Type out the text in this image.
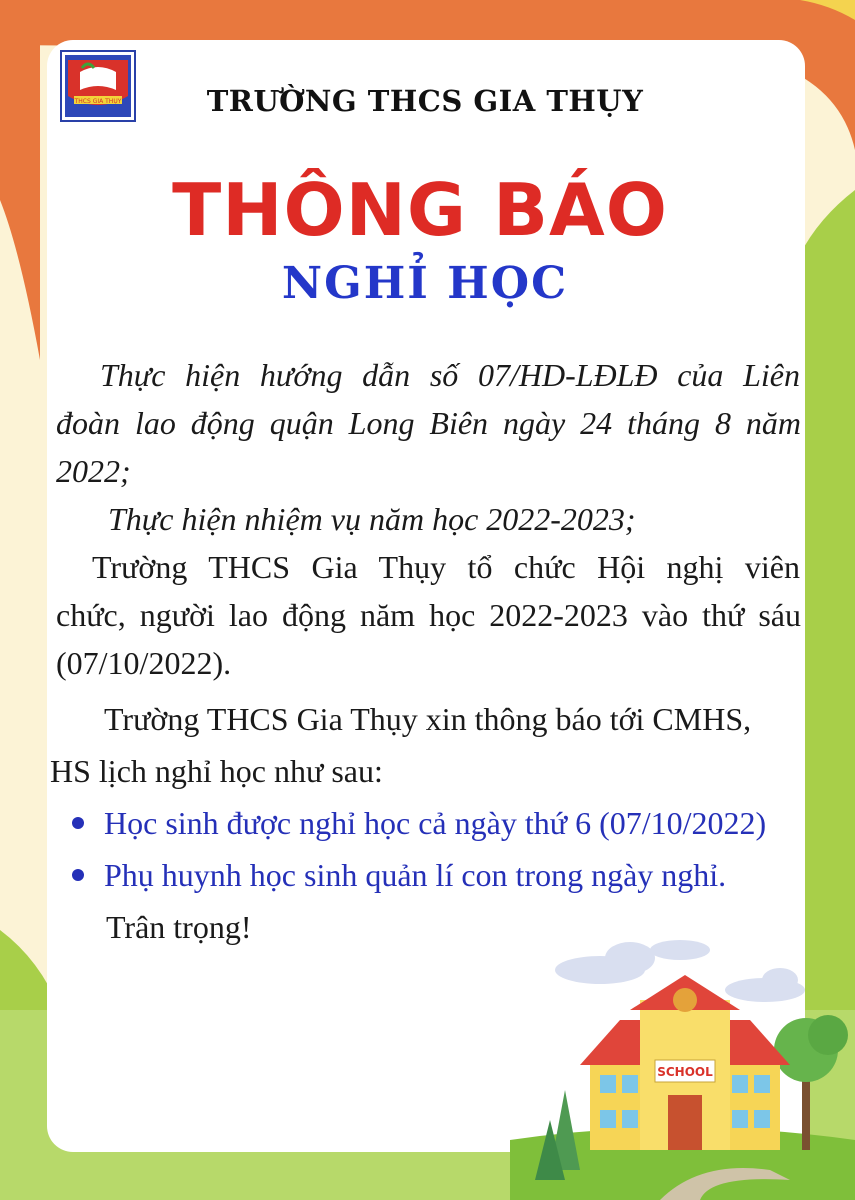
THCS GIA THỤY	TRƯỜNG THCS GIA THỤY
THÔNG BÁO
NGHỈ HỌC

Thực hiện hướng dẫn số 07/HD-LĐLĐ của Liên

đoàn lao động quận Long Biên ngày 24 tháng 8 năm

2022;

Thực hiện nhiệm vụ năm học 2022-2023;

Trường THCS Gia Thụy tổ chức Hội nghị viên

chức, người lao động năm học 2022-2023 vào thứ sáu

(07/10/2022).

Trường THCS Gia Thụy xin thông báo tới CMHS,

HS lịch nghỉ học như sau:

Học sinh được nghỉ học cả ngày thứ 6 (07/10/2022)

Phụ huynh học sinh quản lí con trong ngày nghỉ.

Trân trọng!

SCHOOL
